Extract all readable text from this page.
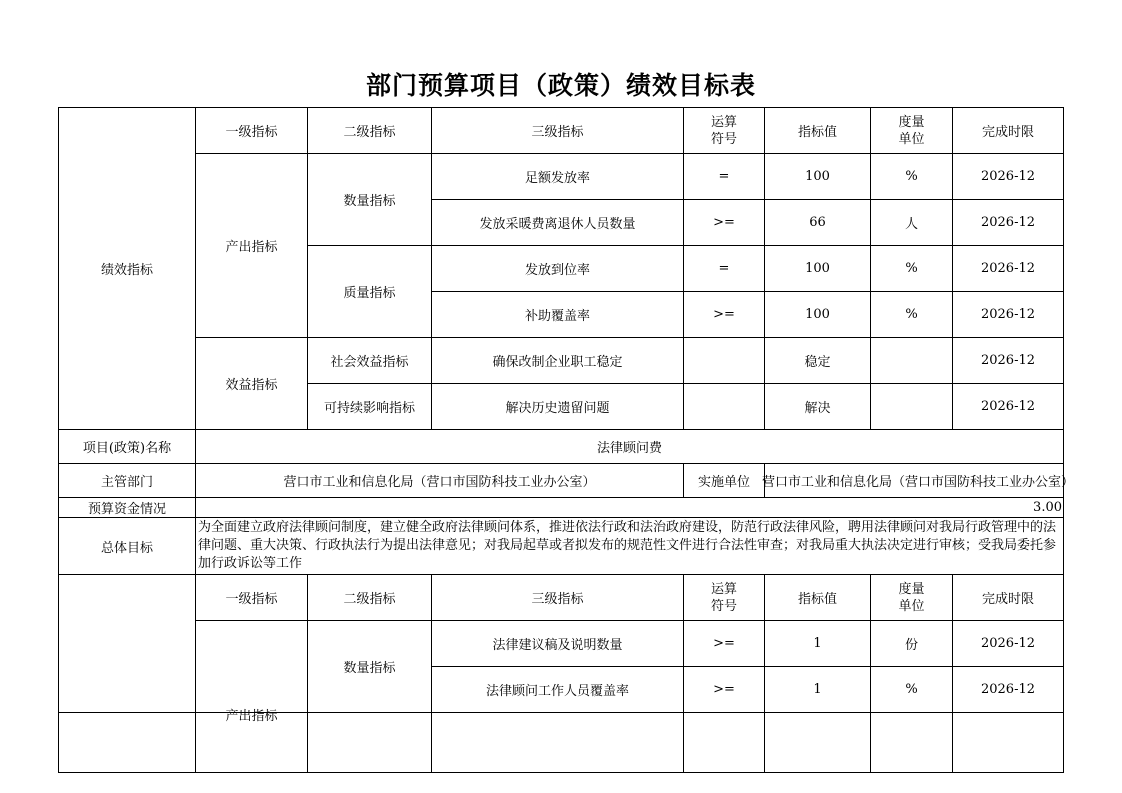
部门预算项目（政策）绩效目标表
绩效指标	一级指标	二级指标	三级指标	运算符号	指标值	度量单位	完成时限
	产出指标	数量指标	足额发放率	=	100	%	2026-12
			发放采暖费离退休人员数量	>=	66	人	2026-12
		质量指标	发放到位率	=	100	%	2026-12
			补助覆盖率	>=	100	%	2026-12
	效益指标	社会效益指标	确保改制企业职工稳定		稳定		2026-12
		可持续影响指标	解决历史遗留问题		解决		2026-12
项目(政策)名称	法律顾问费						
主管部门	营口市工业和信息化局（营口市国防科技工业办公室）			实施单位	营口市工业和信息化局（营口市国防科技工业办公室）		
预算资金情况	3.00						
总体目标	为全面建立政府法律顾问制度，建立健全政府法律顾问体系，推进依法行政和法治政府建设，防范行政法律风险，聘用法律顾问对我局行政管理中的法律问题、重大决策、行政执法行为提出法律意见；对我局起草或者拟发布的规范性文件进行合法性审查；对我局重大执法决定进行审核；受我局委托参加行政诉讼等工作						
	一级指标	二级指标	三级指标	运算符号	指标值	度量单位	完成时限
	产出指标	数量指标	法律建议稿及说明数量	>=	1	份	2026-12
			法律顾问工作人员覆盖率	>=	1	%	2026-12
